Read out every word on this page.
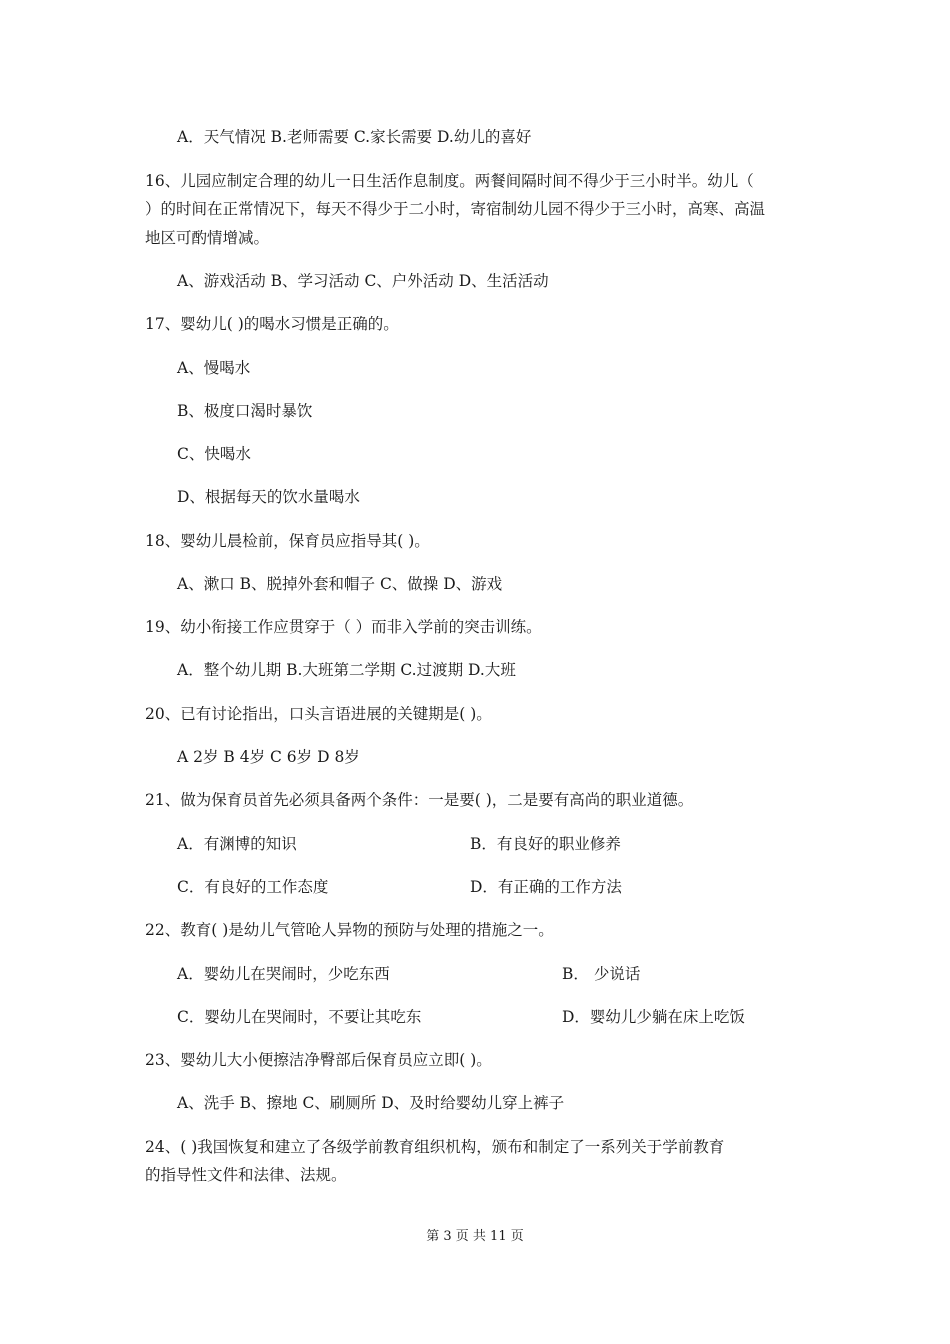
A．天气情况 B.老师需要 C.家长需要 D.幼儿的喜好
16、儿园应制定合理的幼儿一日生活作息制度。两餐间隔时间不得少于三小时半。幼儿（
）的时间在正常情况下，每天不得少于二小时，寄宿制幼儿园不得少于三小时，高寒、高温
地区可酌情增减。
A、游戏活动 B、学习活动 C、户外活动 D、生活活动
17、婴幼儿( )的喝水习惯是正确的。
A、慢喝水
B、极度口渴时暴饮
C、快喝水
D、根据每天的饮水量喝水
18、婴幼儿晨检前，保育员应指导其( )。
A、漱口 B、脱掉外套和帽子 C、做操 D、游戏
19、幼小衔接工作应贯穿于（ ）而非入学前的突击训练。
A．整个幼儿期 B.大班第二学期 C.过渡期 D.大班
20、已有讨论指出，口头言语进展的关键期是( )。
A 2岁 B 4岁 C 6岁 D 8岁
21、做为保育员首先必须具备两个条件：一是要( )，二是要有高尚的职业道德。
A．有渊博的知识	B．有良好的职业修养
C．有良好的工作态度	D．有正确的工作方法
22、教育( )是幼儿气管呛人异物的预防与处理的措施之一。
A．婴幼儿在哭闹时，少吃东西	B． 少说话
C．婴幼儿在哭闹时，不要让其吃东	D．婴幼儿少躺在床上吃饭
23、婴幼儿大小便擦洁净臀部后保育员应立即( )。
A、洗手 B、擦地 C、刷厕所 D、及时给婴幼儿穿上裤子
24、( )我国恢复和建立了各级学前教育组织机构，颁布和制定了一系列关于学前教育
的指导性文件和法律、法规。
第 3 页 共 11 页
